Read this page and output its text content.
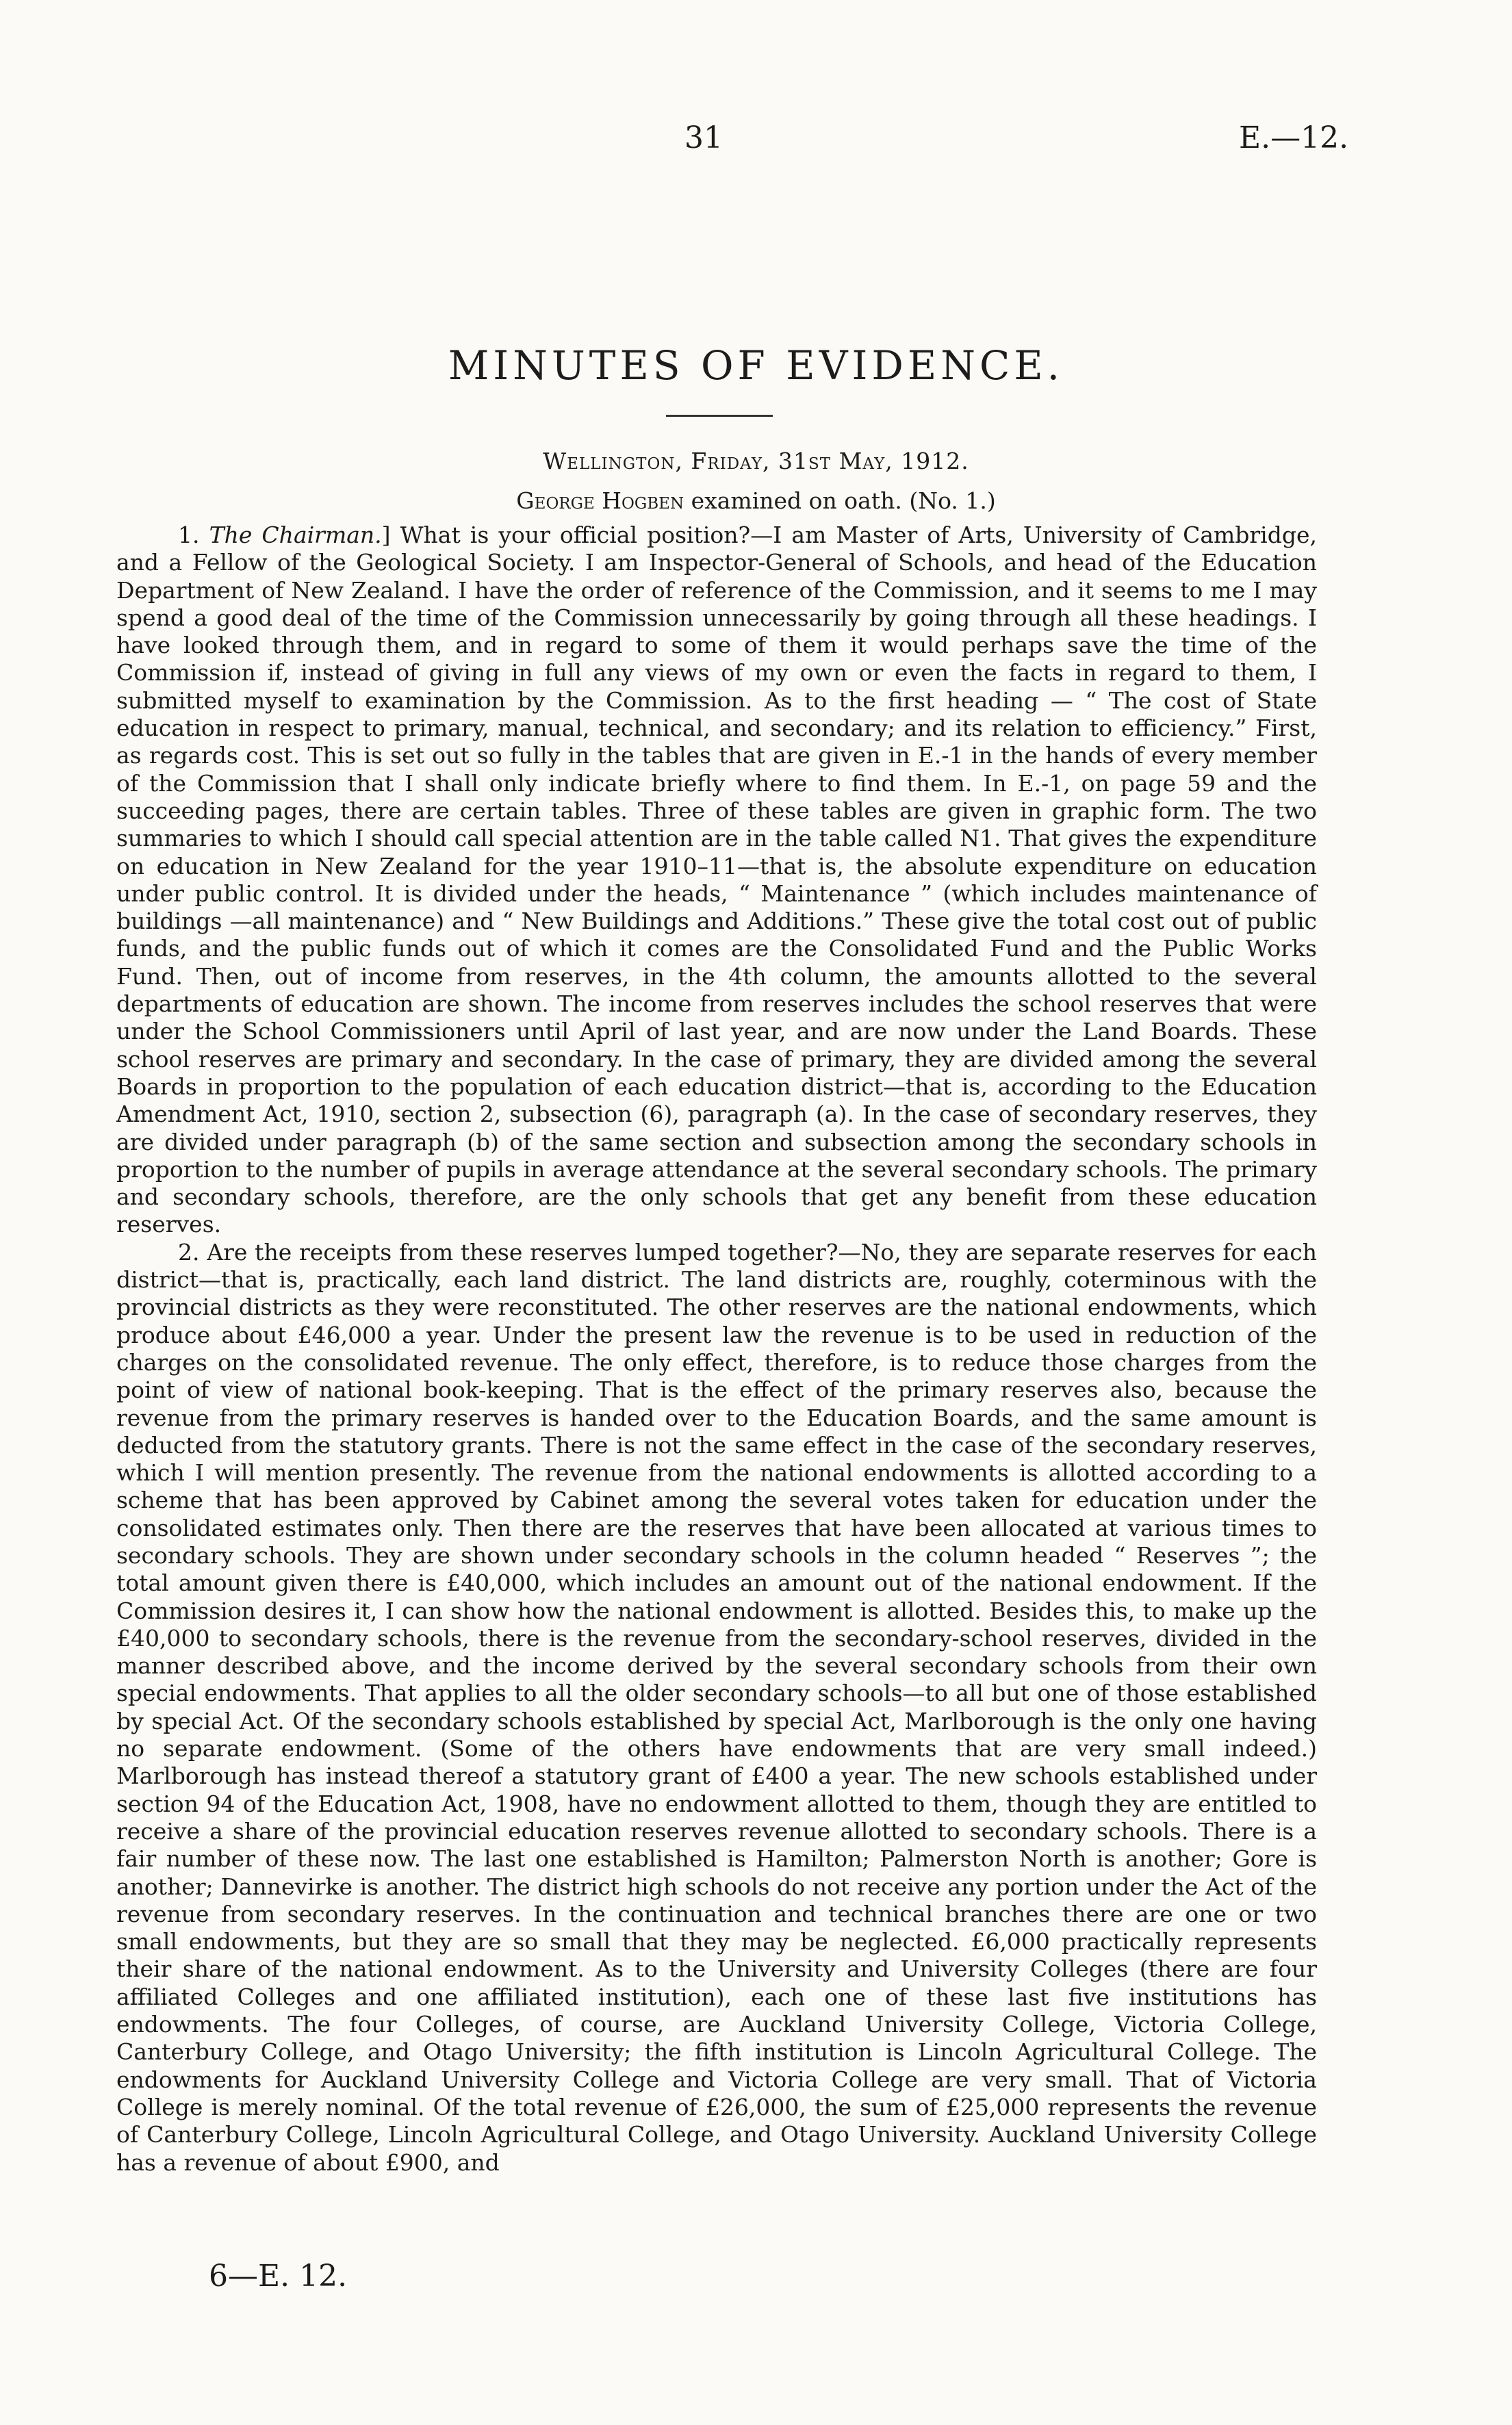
31	E.—12.
MINUTES OF EVIDENCE.
Wellington, Friday, 31st May, 1912.
George Hogben examined on oath. (No. 1.)

1. The Chairman.] What is your official position?—I am Master of Arts, University of Cambridge, and a Fellow of the Geological Society. I am Inspector-General of Schools, and head of the Education Department of New Zealand. I have the order of reference of the Commission, and it seems to me I may spend a good deal of the time of the Commission unnecessarily by going through all these headings. I have looked through them, and in regard to some of them it would perhaps save the time of the Commission if, instead of giving in full any views of my own or even the facts in regard to them, I submitted myself to examination by the Commission. As to the first heading — “ The cost of State education in respect to primary, manual, technical, and secondary; and its relation to efficiency.” First, as regards cost. This is set out so fully in the tables that are given in E.-1 in the hands of every member of the Commission that I shall only indicate briefly where to find them. In E.-1, on page 59 and the succeeding pages, there are certain tables. Three of these tables are given in graphic form. The two summaries to which I should call special attention are in the table called N1. That gives the expenditure on education in New Zealand for the year 1910–11—that is, the absolute expenditure on education under public control. It is divided under the heads, “ Maintenance ” (which includes maintenance of buildings —all maintenance) and “ New Buildings and Additions.” These give the total cost out of public funds, and the public funds out of which it comes are the Consolidated Fund and the Public Works Fund. Then, out of income from reserves, in the 4th column, the amounts allotted to the several departments of education are shown. The income from reserves includes the school reserves that were under the School Commissioners until April of last year, and are now under the Land Boards. These school reserves are primary and secondary. In the case of primary, they are divided among the several Boards in proportion to the population of each education district—that is, according to the Education Amendment Act, 1910, section 2, subsection (6), paragraph (a). In the case of secondary reserves, they are divided under paragraph (b) of the same section and subsection among the secondary schools in proportion to the number of pupils in average attendance at the several secondary schools. The primary and secondary schools, therefore, are the only schools that get any benefit from these education reserves.

2. Are the receipts from these reserves lumped together?—No, they are separate reserves for each district—that is, practically, each land district. The land districts are, roughly, coterminous with the provincial districts as they were reconstituted. The other reserves are the national endowments, which produce about £46,000 a year. Under the present law the revenue is to be used in reduction of the charges on the consolidated revenue. The only effect, therefore, is to reduce those charges from the point of view of national book-keeping. That is the effect of the primary reserves also, because the revenue from the primary reserves is handed over to the Education Boards, and the same amount is deducted from the statutory grants. There is not the same effect in the case of the secondary reserves, which I will mention presently. The revenue from the national endowments is allotted according to a scheme that has been approved by Cabinet among the several votes taken for education under the consolidated estimates only. Then there are the reserves that have been allocated at various times to secondary schools. They are shown under secondary schools in the column headed “ Reserves ”; the total amount given there is £40,000, which includes an amount out of the national endowment. If the Commission desires it, I can show how the national endowment is allotted. Besides this, to make up the £40,000 to secondary schools, there is the revenue from the secondary-school reserves, divided in the manner described above, and the income derived by the several secondary schools from their own special endowments. That applies to all the older secondary schools—to all but one of those established by special Act. Of the secondary schools established by special Act, Marlborough is the only one having no separate endowment. (Some of the others have endowments that are very small indeed.) Marlborough has instead thereof a statutory grant of £400 a year. The new schools established under section 94 of the Education Act, 1908, have no endowment allotted to them, though they are entitled to receive a share of the provincial education reserves revenue allotted to secondary schools. There is a fair number of these now. The last one established is Hamilton; Palmerston North is another; Gore is another; Dannevirke is another. The district high schools do not receive any portion under the Act of the revenue from secondary reserves. In the continuation and technical branches there are one or two small endowments, but they are so small that they may be neglected. £6,000 practically represents their share of the national endowment. As to the University and University Colleges (there are four affiliated Colleges and one affiliated institution), each one of these last five institutions has endowments. The four Colleges, of course, are Auckland University College, Victoria College, Canterbury College, and Otago University; the fifth institution is Lincoln Agricultural College. The endowments for Auckland University College and Victoria College are very small. That of Victoria College is merely nominal. Of the total revenue of £26,000, the sum of £25,000 represents the revenue of Canterbury College, Lincoln Agricultural College, and Otago University. Auckland University College has a revenue of about £900, and

6—E. 12.
